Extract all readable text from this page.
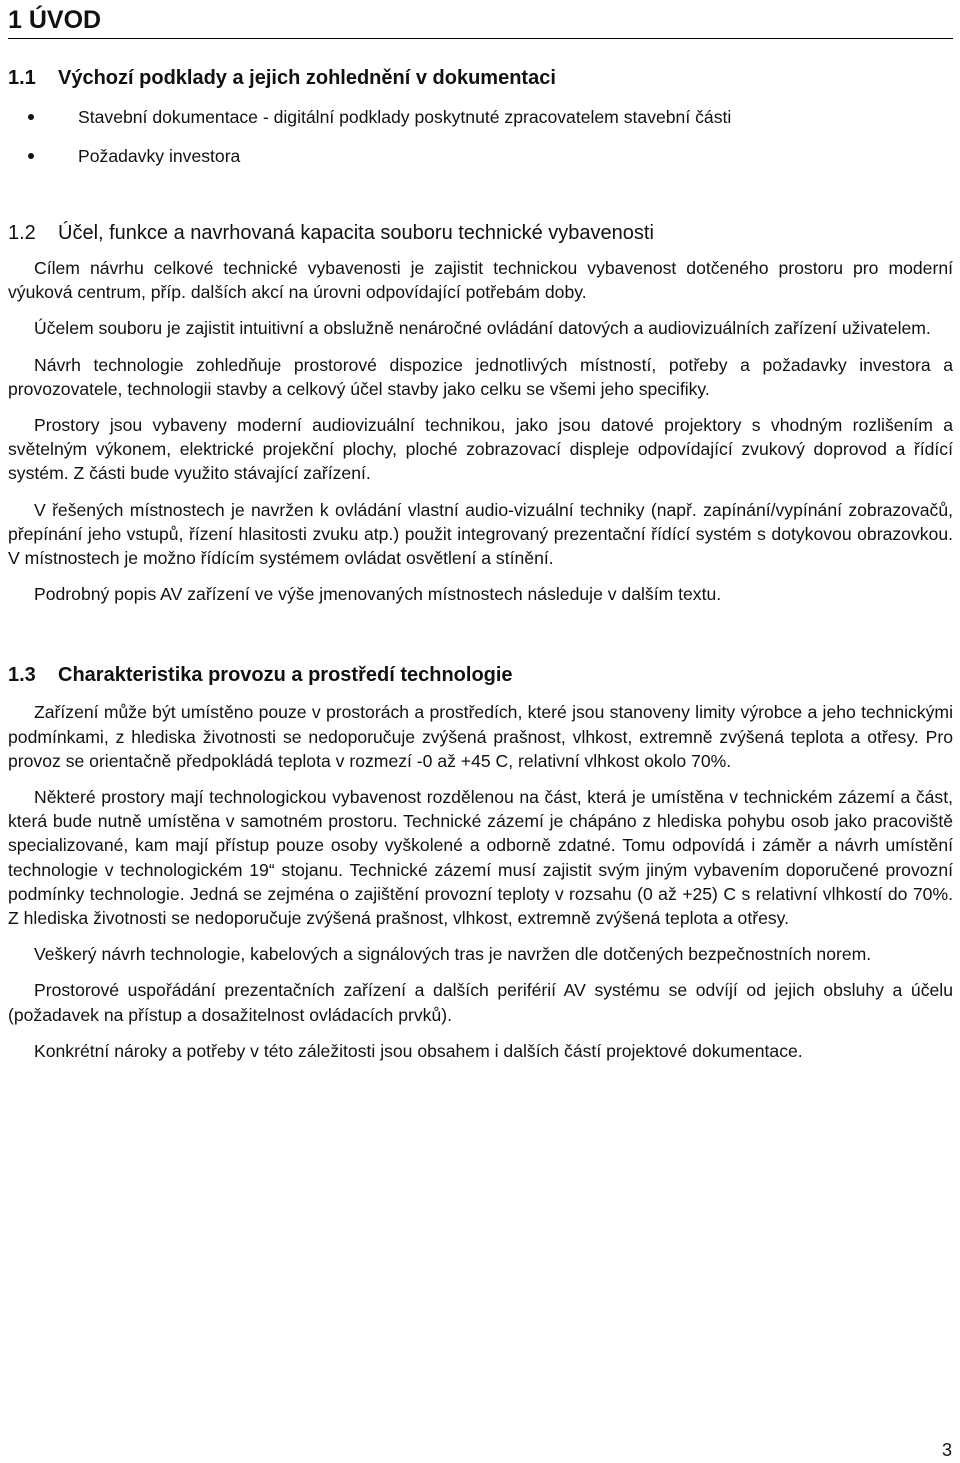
1 ÚVOD
1.1 Výchozí podklady a jejich zohlednění v dokumentaci
Stavební dokumentace - digitální podklady poskytnuté zpracovatelem stavební části
Požadavky investora
1.2 Účel, funkce a navrhovaná kapacita souboru technické vybavenosti

Cílem návrhu celkové technické vybavenosti je zajistit technickou vybavenost dotčeného prostoru pro moderní výuková centrum, příp. dalších akcí na úrovni odpovídající potřebám doby.

Účelem souboru je zajistit intuitivní a obslužně nenáročné ovládání datových a audiovizuálních zařízení uživatelem.

Návrh technologie zohledňuje prostorové dispozice jednotlivých místností, potřeby a požadavky investora a provozovatele, technologii stavby a celkový účel stavby jako celku se všemi jeho specifiky.

Prostory jsou vybaveny moderní audiovizuální technikou, jako jsou datové projektory s vhodným rozlišením a světelným výkonem, elektrické projekční plochy, ploché zobrazovací displeje odpovídající zvukový doprovod a řídící systém. Z části bude využito stávající zařízení.

V řešených místnostech je navržen k ovládání vlastní audio-vizuální techniky (např. zapínání/vypínání zobrazovačů, přepínání jeho vstupů, řízení hlasitosti zvuku atp.) použit integrovaný prezentační řídící systém s dotykovou obrazovkou. V místnostech je možno řídícím systémem ovládat osvětlení a stínění.

Podrobný popis AV zařízení ve výše jmenovaných místnostech následuje v dalším textu.

1.3 Charakteristika provozu a prostředí technologie

Zařízení může být umístěno pouze v prostorách a prostředích, které jsou stanoveny limity výrobce a jeho technickými podmínkami, z hlediska životnosti se nedoporučuje zvýšená prašnost, vlhkost, extremně zvýšená teplota a otřesy. Pro provoz se orientačně předpokládá teplota v rozmezí -0 až +45 C, relativní vlhkost okolo 70%.

Některé prostory mají technologickou vybavenost rozdělenou na část, která je umístěna v technickém zázemí a část, která bude nutně umístěna v samotném prostoru. Technické zázemí je chápáno z hlediska pohybu osob jako pracoviště specializované, kam mají přístup pouze osoby vyškolené a odborně zdatné. Tomu odpovídá i záměr a návrh umístění technologie v technologickém 19“ stojanu. Technické zázemí musí zajistit svým jiným vybavením doporučené provozní podmínky technologie. Jedná se zejména o zajištění provozní teploty v rozsahu (0 až +25) C s relativní vlhkostí do 70%. Z hlediska životnosti se nedoporučuje zvýšená prašnost, vlhkost, extremně zvýšená teplota a otřesy.

Veškerý návrh technologie, kabelových a signálových tras je navržen dle dotčených bezpečnostních norem.

Prostorové uspořádání prezentačních zařízení a dalších periférií AV systému se odvíjí od jejich obsluhy a účelu (požadavek na přístup a dosažitelnost ovládacích prvků).

Konkrétní nároky a potřeby v této záležitosti jsou obsahem i dalších částí projektové dokumentace.

3
